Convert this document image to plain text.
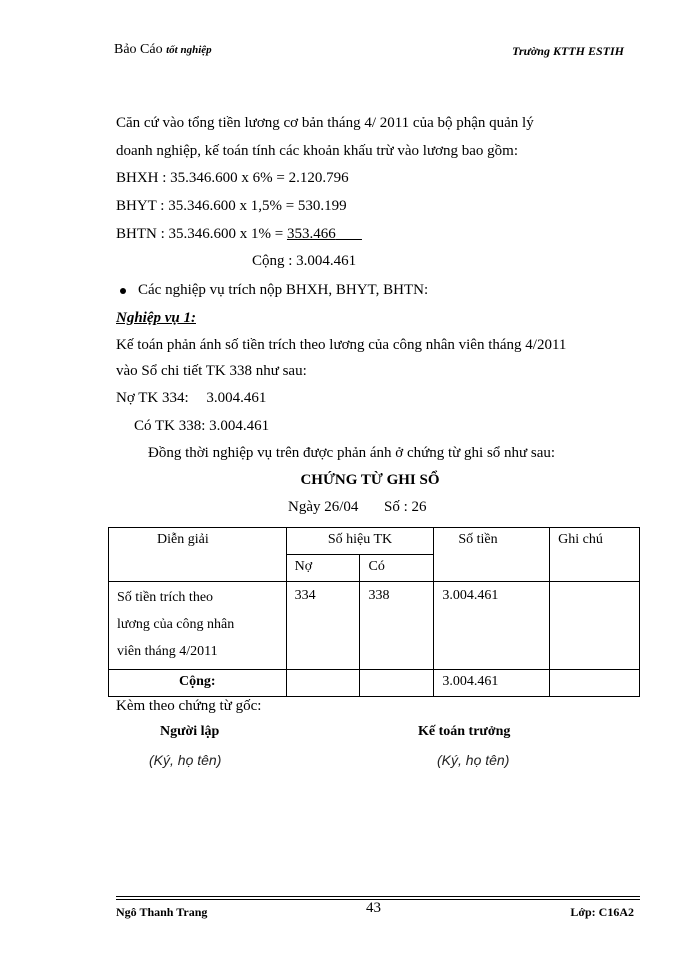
Bảo Cáo tốt nghiệp	Trường KTTH ESTIH
Căn cứ vào tổng tiền lương cơ bản tháng 4/ 2011 của bộ phận quản lý
doanh nghiệp, kế toán tính các khoản khấu trừ vào lương bao gồm:
BHXH : 35.346.600 x 6% = 2.120.796
BHYT : 35.346.600 x 1,5% = 530.199
BHTN : 35.346.600 x 1% = 353.466
Cộng : 3.004.461
Các nghiệp vụ trích nộp BHXH, BHYT, BHTN:
Nghiệp vụ 1:
Kế toán phản ánh số tiền trích theo lương của công nhân viên tháng 4/2011
vào Sổ chi tiết TK 338 như sau:
Nợ TK 334: 3.004.461
Có TK 338: 3.004.461
Đồng thời nghiệp vụ trên được phản ánh ở chứng từ ghi sổ như sau:
CHỨNG TỪ GHI SỔ
Ngày 26/04 Số : 26
Diễn giải	Số hiệu TK		Số tiền	Ghi chú
	Nợ	Có		

Số tiền trích theo
lương của công nhân
viên tháng 4/2011	334	338	3.004.461	
Cộng:			3.004.461	
Kèm theo chứng từ gốc:
Người lập
(Ký, họ tên)
Kế toán trưởng
(Ký, họ tên)
Ngô Thanh Trang	43	Lớp: C16A2
